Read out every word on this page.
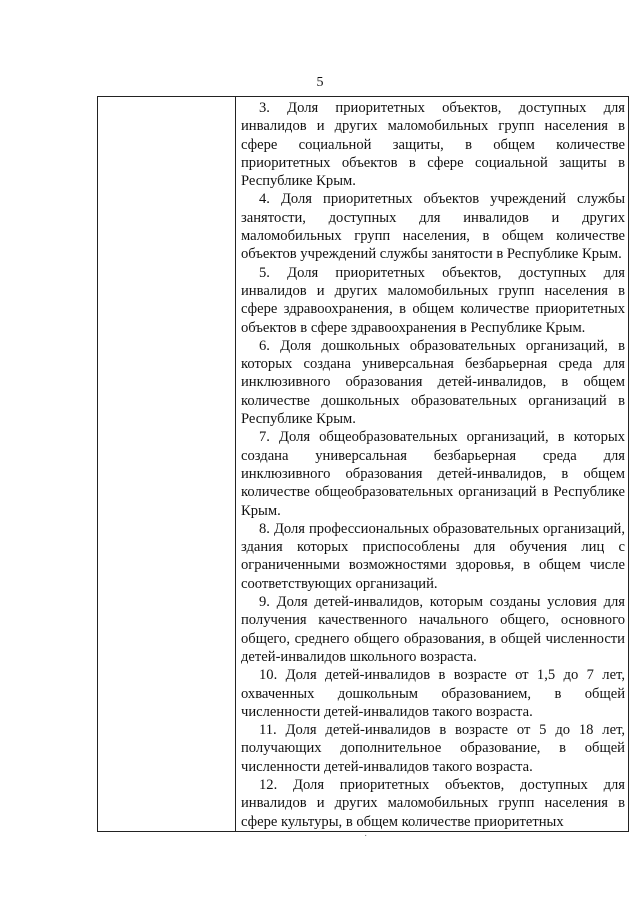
5

3. Доля приоритетных объектов, доступных для инвалидов и других маломобильных групп населения в сфере социальной защиты, в общем количестве приоритетных объектов в сфере социальной защиты в Республике Крым.

4. Доля приоритетных объектов учреждений службы занятости, доступных для инвалидов и других маломобильных групп населения, в общем количестве объектов учреждений службы занятости в Республике Крым.

5. Доля приоритетных объектов, доступных для инвалидов и других маломобильных групп населения в сфере здравоохранения, в общем количестве приоритетных объектов в сфере здравоохранения в Республике Крым.

6. Доля дошкольных образовательных организаций, в которых создана универсальная безбарьерная среда для инклюзивного образования детей-инвалидов, в общем количестве дошкольных образовательных организаций в Республике Крым.

7. Доля общеобразовательных организаций, в которых создана универсальная безбарьерная среда для инклюзивного образования детей-инвалидов, в общем количестве общеобразовательных организаций в Республике Крым.

8. Доля профессиональных образовательных организаций, здания которых приспособлены для обучения лиц с ограниченными возможностями здоровья, в общем числе соответствующих организаций.

9. Доля детей-инвалидов, которым созданы условия для получения качественного начального общего, основного общего, среднего общего образования, в общей численности детей-инвалидов школьного возраста.

10. Доля детей-инвалидов в возрасте от 1,5 до 7 лет, охваченных дошкольным образованием, в общей численности детей-инвалидов такого возраста.

11. Доля детей-инвалидов в возрасте от 5 до 18 лет, получающих дополнительное образование, в общей численности детей-инвалидов такого возраста.

12. Доля приоритетных объектов, доступных для инвалидов и других маломобильных групп населения в сфере культуры, в общем количестве приоритетных

˙
